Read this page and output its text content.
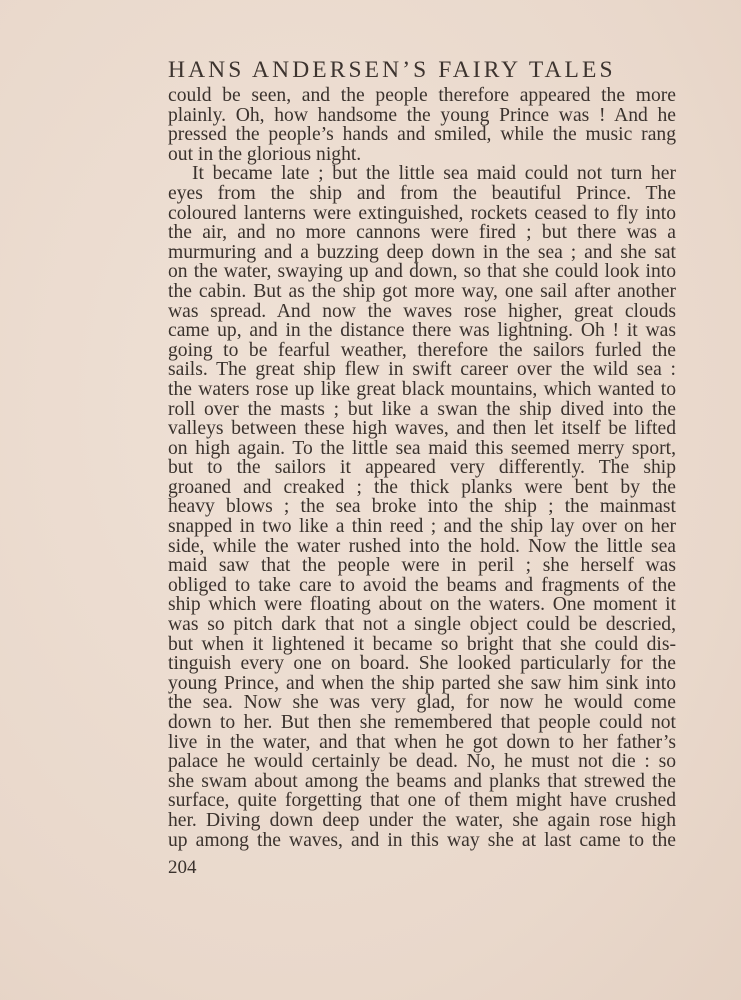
HANS ANDERSEN’S FAIRY TALES
could be seen, and the people therefore appeared the more
plainly. Oh, how handsome the young Prince was ! And he
pressed the people’s hands and smiled, while the music rang
out in the glorious night.
It became late ; but the little sea maid could not turn her
eyes from the ship and from the beautiful Prince. The
coloured lanterns were extinguished, rockets ceased to fly into
the air, and no more cannons were fired ; but there was a
murmuring and a buzzing deep down in the sea ; and she sat
on the water, swaying up and down, so that she could look into
the cabin. But as the ship got more way, one sail after another
was spread. And now the waves rose higher, great clouds
came up, and in the distance there was lightning. Oh ! it was
going to be fearful weather, therefore the sailors furled the
sails. The great ship flew in swift career over the wild sea :
the waters rose up like great black mountains, which wanted to
roll over the masts ; but like a swan the ship dived into the
valleys between these high waves, and then let itself be lifted
on high again. To the little sea maid this seemed merry sport,
but to the sailors it appeared very differently. The ship
groaned and creaked ; the thick planks were bent by the
heavy blows ; the sea broke into the ship ; the mainmast
snapped in two like a thin reed ; and the ship lay over on her
side, while the water rushed into the hold. Now the little sea
maid saw that the people were in peril ; she herself was
obliged to take care to avoid the beams and fragments of the
ship which were floating about on the waters. One moment it
was so pitch dark that not a single object could be descried,
but when it lightened it became so bright that she could dis-
tinguish every one on board. She looked particularly for the
young Prince, and when the ship parted she saw him sink into
the sea. Now she was very glad, for now he would come
down to her. But then she remembered that people could not
live in the water, and that when he got down to her father’s
palace he would certainly be dead. No, he must not die : so
she swam about among the beams and planks that strewed the
surface, quite forgetting that one of them might have crushed
her. Diving down deep under the water, she again rose high
up among the waves, and in this way she at last came to the
204
